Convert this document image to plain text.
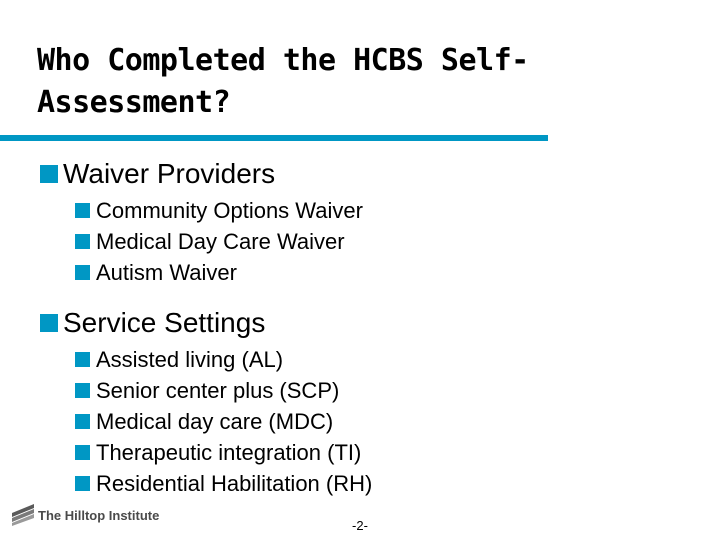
Who Completed the HCBS Self-
Assessment?
Waiver Providers
Community Options Waiver
Medical Day Care Waiver
Autism Waiver
Service Settings
Assisted living (AL)
Senior center plus (SCP)
Medical day care (MDC)
Therapeutic integration (TI)
Residential Habilitation (RH)
The Hilltop Institute
-2-
